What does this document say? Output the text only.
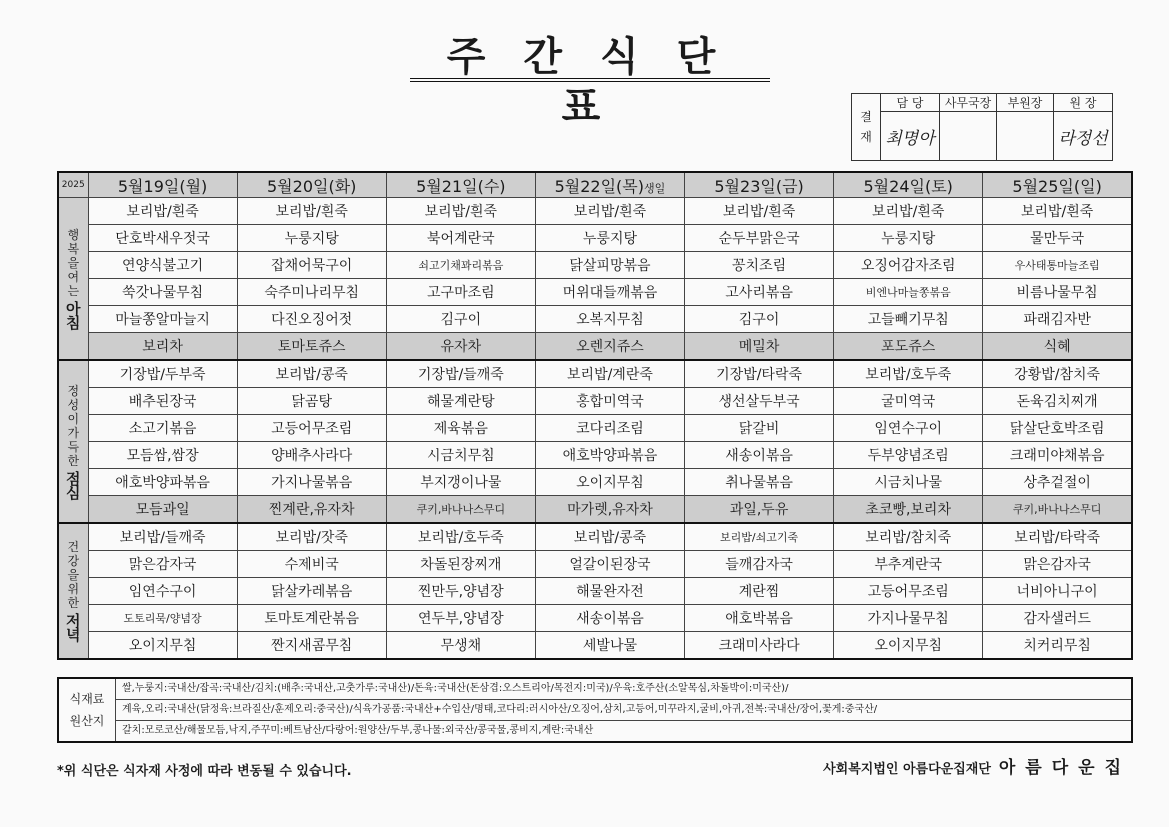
주간식단표	결
재	담 당	사무국장	부원장	원 장
	최명아			라정선
2025	5월19일(월)	5월20일(화)	5월21일(수)	5월22일(목)생일	5월23일(금)	5월24일(토)	5월25일(일)

행복을여는
아침	보리밥/흰죽	보리밥/흰죽	보리밥/흰죽	보리밥/흰죽	보리밥/흰죽	보리밥/흰죽	보리밥/흰죽
	단호박새우젓국	누룽지탕	북어계란국	누룽지탕	순두부맑은국	누룽지탕	물만두국
	연양식불고기	잡채어묵구이	쇠고기채꽈리볶음	닭살피망볶음	꽁치조림	오징어감자조림	우사태통마늘조림
	쑥갓나물무침	숙주미나리무침	고구마조림	머위대들깨볶음	고사리볶음	비엔나마늘쫑볶음	비름나물무침
	마늘쫑알마늘지	다진오징어젓	김구이	오복지무침	김구이	고들빼기무침	파래김자반
	보리차	토마토쥬스	유자차	오렌지쥬스	메밀차	포도쥬스	식혜

정성이가득한
점심	기장밥/두부죽	보리밥/콩죽	기장밥/들깨죽	보리밥/계란죽	기장밥/타락죽	보리밥/호두죽	강황밥/참치죽
	배추된장국	닭곰탕	해물계란탕	홍합미역국	생선살두부국	굴미역국	돈육김치찌개
	소고기볶음	고등어무조림	제육볶음	코다리조림	닭갈비	임연수구이	닭살단호박조림
	모듬쌈,쌈장	양배추사라다	시금치무침	애호박양파볶음	새송이볶음	두부양념조림	크래미야채볶음
	애호박양파볶음	가지나물볶음	부지갱이나물	오이지무침	취나물볶음	시금치나물	상추겉절이
	모듬과일	찐계란,유자차	쿠키,바나나스무디	마가렛,유자차	과일,두유	초코빵,보리차	쿠키,바나나스무디

건강을위한
저녁	보리밥/들깨죽	보리밥/잣죽	보리밥/호두죽	보리밥/콩죽	보리밥/쇠고기죽	보리밥/참치죽	보리밥/타락죽
	맑은감자국	수제비국	차돌된장찌개	얼갈이된장국	들깨감자국	부추계란국	맑은감자국
	임연수구이	닭살카레볶음	찐만두,양념장	해물완자전	계란찜	고등어무조림	너비아니구이
	도토리묵/양념장	토마토계란볶음	연두부,양념장	새송이볶음	애호박볶음	가지나물무침	감자샐러드
	오이지무침	짠지새콤무침	무생채	세발나물	크래미사라다	오이지무침	치커리무침
식재료
원산지	쌀,누룽지:국내산/잡곡:국내산/김치:(배추:국내산,고춧가루:국내산)/돈육:국내산(돈삼겹:오스트리아/목전지:미국)/우육:호주산(소알목심,차돌박이:미국산)/
계육,오리:국내산(닭정육:브라질산/훈제오리:중국산)/식육가공품:국내산+수입산/명태,코다리:러시아산/오징어,삼치,고등어,미꾸라지,굴비,아귀,전복:국내산/장어,꽃게:중국산/
갈치:모로코산/해물모듬,낙지,주꾸미:베트남산/다랑어:원양산/두부,콩나물:외국산/콩국물,콩비지,계란:국내산
*위 식단은 식자재 사정에 따라 변동될 수 있습니다.	사회복지법인 아름다운집재단 아름다운집
